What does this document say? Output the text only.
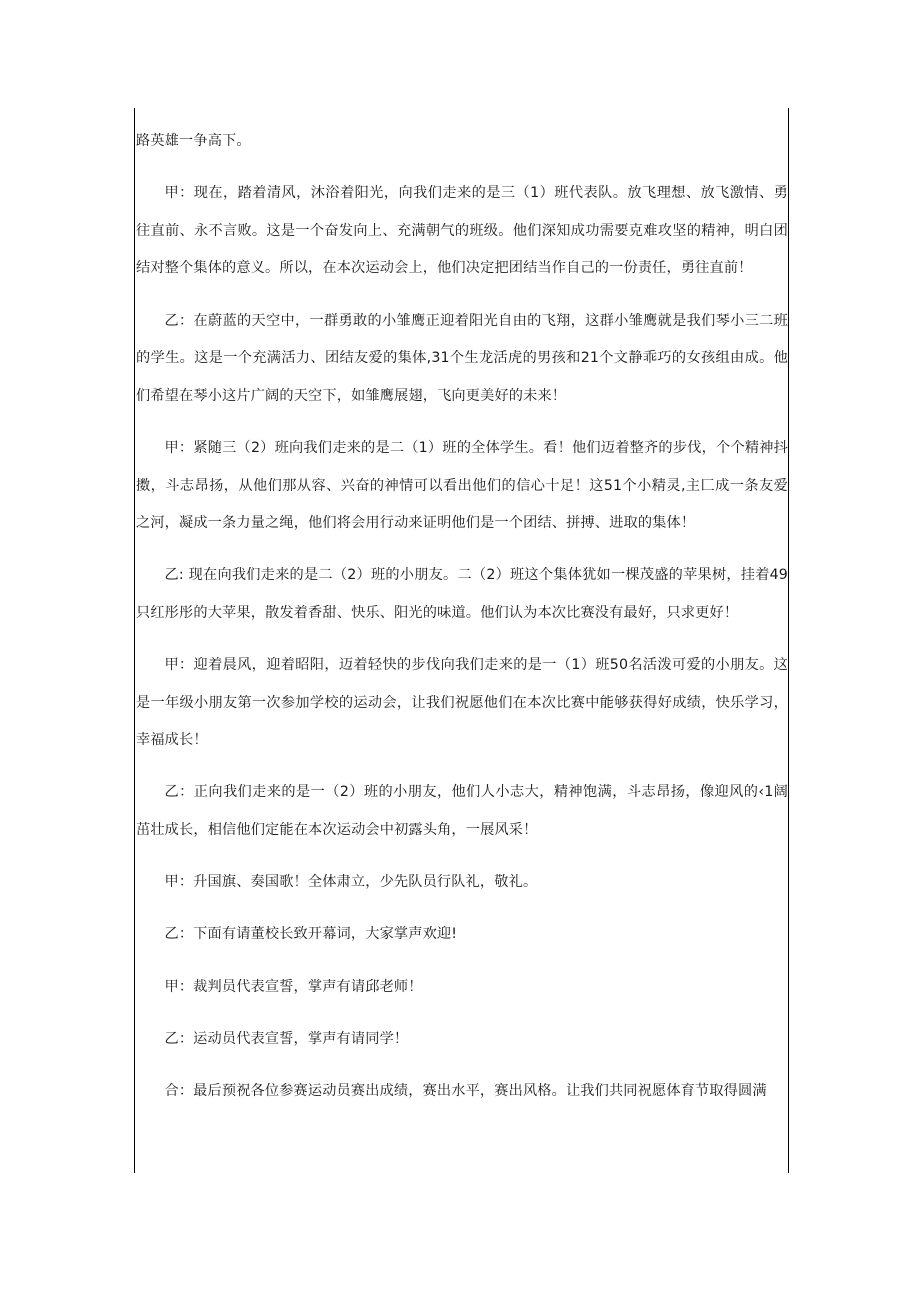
路英雄一争高下。

甲：现在，踏着清风，沐浴着阳光，向我们走来的是三（1）班代表队。放飞理想、放飞激情、勇往直前、永不言败。这是一个奋发向上、充满朝气的班级。他们深知成功需要克难攻坚的精神，明白团结对整个集体的意义。所以，在本次运动会上，他们决定把团结当作自己的一份责任，勇往直前！

乙：在蔚蓝的天空中，一群勇敢的小雏鹰正迎着阳光自由的飞翔，这群小雏鹰就是我们琴小三二班的学生。这是一个充满活力、团结友爱的集体,31个生龙活虎的男孩和21个文静乖巧的女孩组由成。他们希望在琴小这片广阔的天空下，如雏鹰展翅，飞向更美好的未来！

甲：紧随三（2）班向我们走来的是二（1）班的全体学生。看！他们迈着整齐的步伐，个个精神抖擞，斗志昂扬，从他们那从容、兴奋的神情可以看出他们的信心十足！这51个小精灵,主匚成一条友爱之河，凝成一条力量之绳，他们将会用行动来证明他们是一个团结、拼搏、进取的集体！

乙: 现在向我们走来的是二（2）班的小朋友。二（2）班这个集体犹如一棵茂盛的苹果树，挂着49只红彤彤的大苹果，散发着香甜、快乐、阳光的味道。他们认为本次比赛没有最好，只求更好！

甲：迎着晨风，迎着昭阳，迈着轻快的步伐向我们走来的是一（1）班50名活泼可爱的小朋友。这是一年级小朋友第一次参加学校的运动会，让我们祝愿他们在本次比赛中能够获得好成绩，快乐学习，幸福成长！

乙：正向我们走来的是一（2）班的小朋友，他们人小志大，精神饱满，斗志昂扬，像迎风的‹1阔茁壮成长，相信他们定能在本次运动会中初露头角，一展风采！

甲：升国旗、奏国歌！全体肃立，少先队员行队礼，敬礼。

乙：下面有请董校长致开幕词，大家掌声欢迎!

甲：裁判员代表宣誓，掌声有请邱老师！

乙：运动员代表宣誓，掌声有请同学！

合：最后预祝各位参赛运动员赛出成绩，赛出水平，赛出风格。让我们共同祝愿体育节取得圆满
